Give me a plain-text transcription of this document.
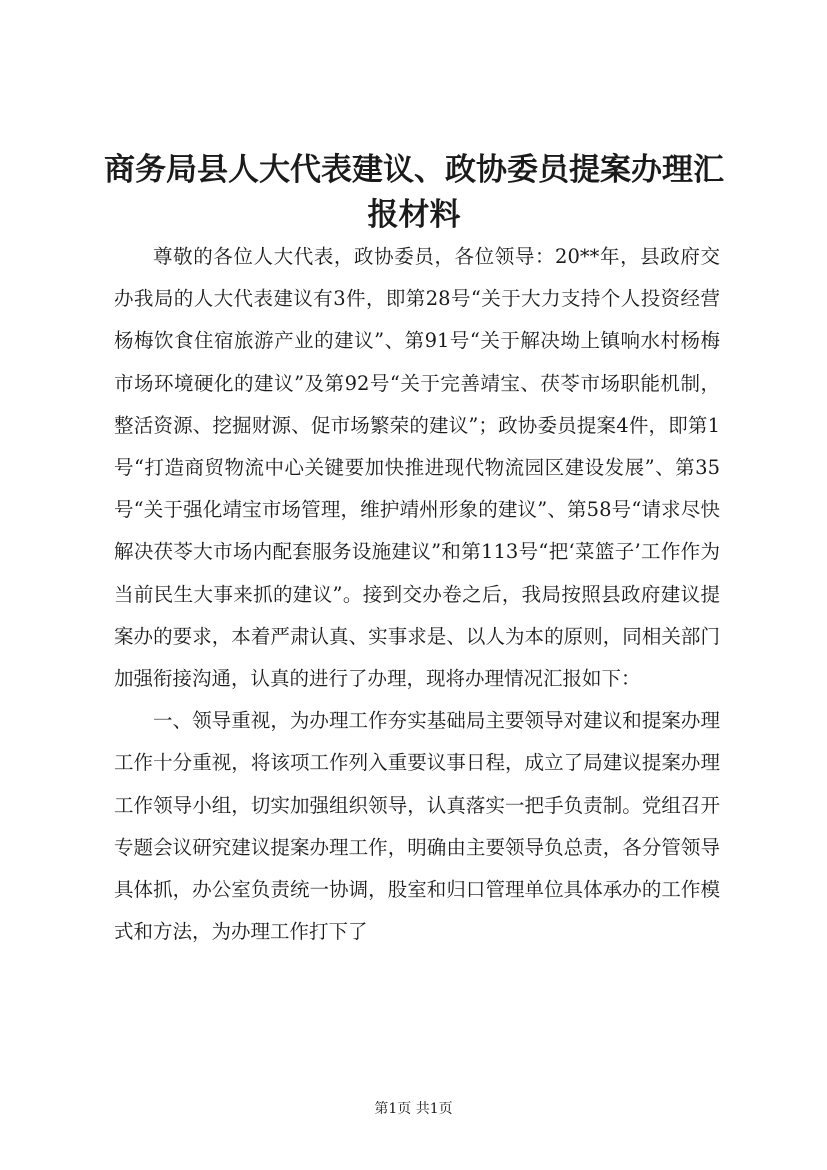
商务局县人大代表建议、政协委员提案办理汇报材料

尊敬的各位人大代表，政协委员，各位领导：20**年，县政府交办我局的人大代表建议有3件，即第28号“关于大力支持个人投资经营杨梅饮食住宿旅游产业的建议”、第91号“关于解决坳上镇响水村杨梅市场环境硬化的建议”及第92号“关于完善靖宝、茯苓市场职能机制，整活资源、挖掘财源、促市场繁荣的建议”；政协委员提案4件，即第1号“打造商贸物流中心关键要加快推进现代物流园区建设发展”、第35号“关于强化靖宝市场管理，维护靖州形象的建议”、第58号“请求尽快解决茯苓大市场内配套服务设施建议”和第113号“把‘菜篮子’工作作为当前民生大事来抓的建议”。接到交办卷之后，我局按照县政府建议提案办的要求，本着严肃认真、实事求是、以人为本的原则，同相关部门加强衔接沟通，认真的进行了办理，现将办理情况汇报如下：

一、领导重视，为办理工作夯实基础局主要领导对建议和提案办理工作十分重视，将该项工作列入重要议事日程，成立了局建议提案办理工作领导小组，切实加强组织领导，认真落实一把手负责制。党组召开专题会议研究建议提案办理工作，明确由主要领导负总责，各分管领导具体抓，办公室负责统一协调，股室和归口管理单位具体承办的工作模式和方法，为办理工作打下了

第1页 共1页
